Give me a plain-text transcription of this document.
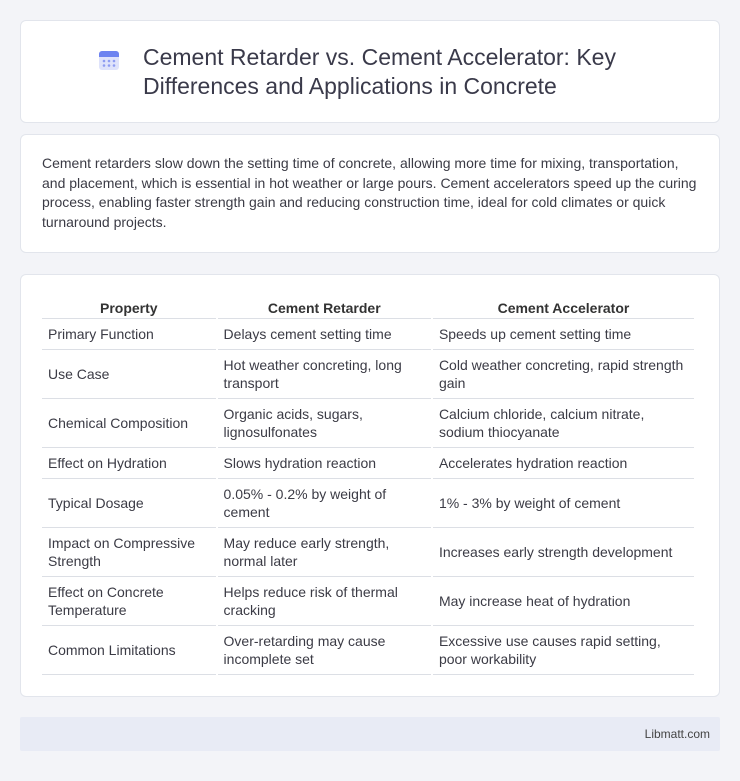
Cement Retarder vs. Cement Accelerator: Key Differences and Applications in Concrete

Cement retarders slow down the setting time of concrete, allowing more time for mixing, transportation, and placement, which is essential in hot weather or large pours. Cement accelerators speed up the curing process, enabling faster strength gain and reducing construction time, ideal for cold climates or quick turnaround projects.

Property	Cement Retarder	Cement Accelerator
Primary Function	Delays cement setting time	Speeds up cement setting time
Use Case	Hot weather concreting, long transport	Cold weather concreting, rapid strength gain
Chemical Composition	Organic acids, sugars, lignosulfonates	Calcium chloride, calcium nitrate, sodium thiocyanate
Effect on Hydration	Slows hydration reaction	Accelerates hydration reaction
Typical Dosage	0.05% - 0.2% by weight of cement	1% - 3% by weight of cement
Impact on Compressive Strength	May reduce early strength, normal later	Increases early strength development
Effect on Concrete Temperature	Helps reduce risk of thermal cracking	May increase heat of hydration
Common Limitations	Over-retarding may cause incomplete set	Excessive use causes rapid setting, poor workability
Libmatt.com
